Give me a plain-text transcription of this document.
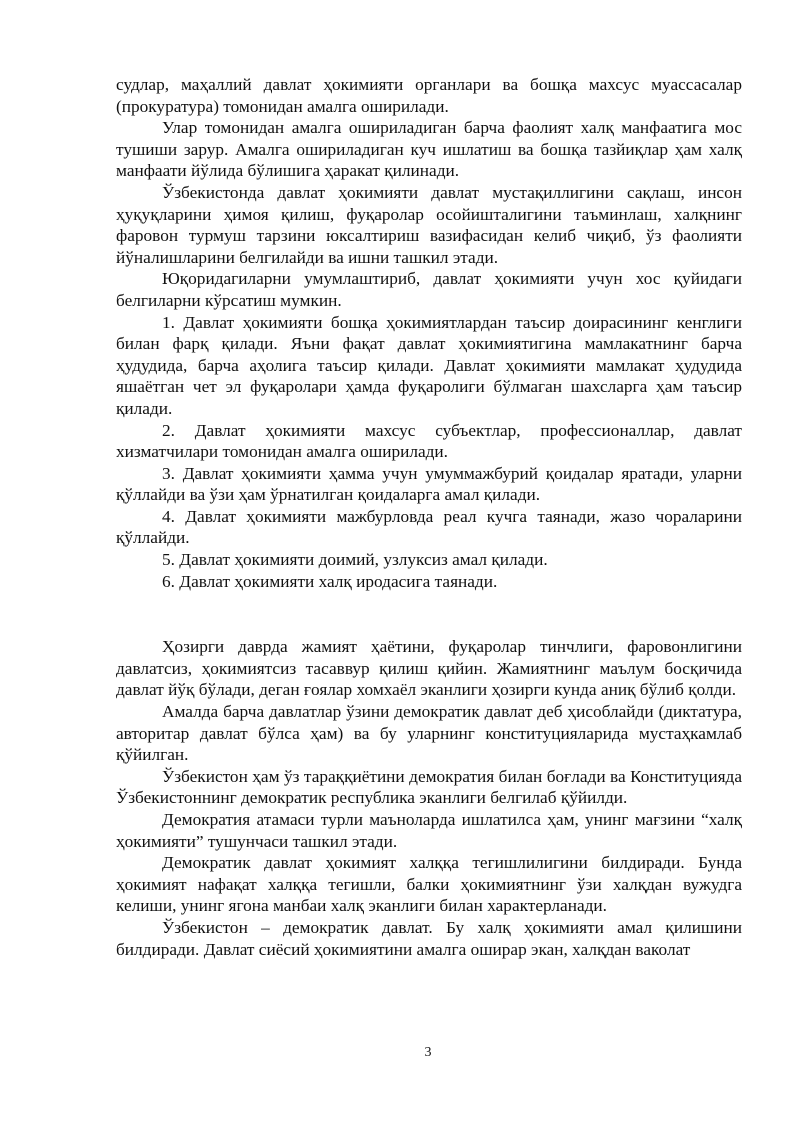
судлар, маҳаллий давлат ҳокимияти органлари ва бошқа махсус муассасалар (прокуратура) томонидан амалга оширилади.

Улар томонидан амалга ошириладиган барча фаолият халқ манфаатига мос тушиши зарур. Амалга ошириладиган куч ишлатиш ва бошқа тазйиқлар ҳам халқ манфаати йўлида бўлишига ҳаракат қилинади.

Ўзбекистонда давлат ҳокимияти давлат мустақиллигини сақлаш, инсон ҳуқуқларини ҳимоя қилиш, фуқаролар осойишталигини таъминлаш, халқнинг фаровон турмуш тарзини юксалтириш вазифасидан келиб чиқиб, ўз фаолияти йўналишларини белгилайди ва ишни ташкил этади.

Юқоридагиларни умумлаштириб, давлат ҳокимияти учун хос қуйидаги белгиларни кўрсатиш мумкин.

1. Давлат ҳокимияти бошқа ҳокимиятлардан таъсир доирасининг кенглиги билан фарқ қилади. Яъни фақат давлат ҳокимиятигина мамлакатнинг барча ҳудудида, барча аҳолига таъсир қилади. Давлат ҳокимияти мамлакат ҳудудида яшаётган чет эл фуқаролари ҳамда фуқаролиги бўлмаган шахсларга ҳам таъсир қилади.

2. Давлат ҳокимияти махсус субъектлар, профессионаллар, давлат хизматчилари томонидан амалга оширилади.

3. Давлат ҳокимияти ҳамма учун умуммажбурий қоидалар яратади, уларни қўллайди ва ўзи ҳам ўрнатилган қоидаларга амал қилади.

4. Давлат ҳокимияти мажбурловда реал кучга таянади, жазо чораларини қўллайди.

5. Давлат ҳокимияти доимий, узлуксиз амал қилади.

6. Давлат ҳокимияти халқ иродасига таянади.

Ҳозирги даврда жамият ҳаётини, фуқаролар тинчлиги, фаровонлигини давлатсиз, ҳокимиятсиз тасаввур қилиш қийин. Жамиятнинг маълум босқичида давлат йўқ бўлади, деган ғоялар хомхаёл эканлиги ҳозирги кунда аниқ бўлиб қолди.

Амалда барча давлатлар ўзини демократик давлат деб ҳисоблайди (диктатура, авторитар давлат бўлса ҳам) ва бу уларнинг конституцияларида мустаҳкамлаб қўйилган.

Ўзбекистон ҳам ўз тараққиётини демократия билан боғлади ва Конституцияда Ўзбекистоннинг демократик республика эканлиги белгилаб қўйилди.

Демократия атамаси турли маъноларда ишлатилса ҳам, унинг мағзини “халқ ҳокимияти” тушунчаси ташкил этади.

Демократик давлат ҳокимият халққа тегишлилигини билдиради. Бунда ҳокимият нафақат халққа тегишли, балки ҳокимиятнинг ўзи халқдан вужудга келиши, унинг ягона манбаи халқ эканлиги билан характерланади.

Ўзбекистон – демократик давлат. Бу халқ ҳокимияти амал қилишини билдиради. Давлат сиёсий ҳокимиятини амалга оширар экан, халқдан ваколат

3
